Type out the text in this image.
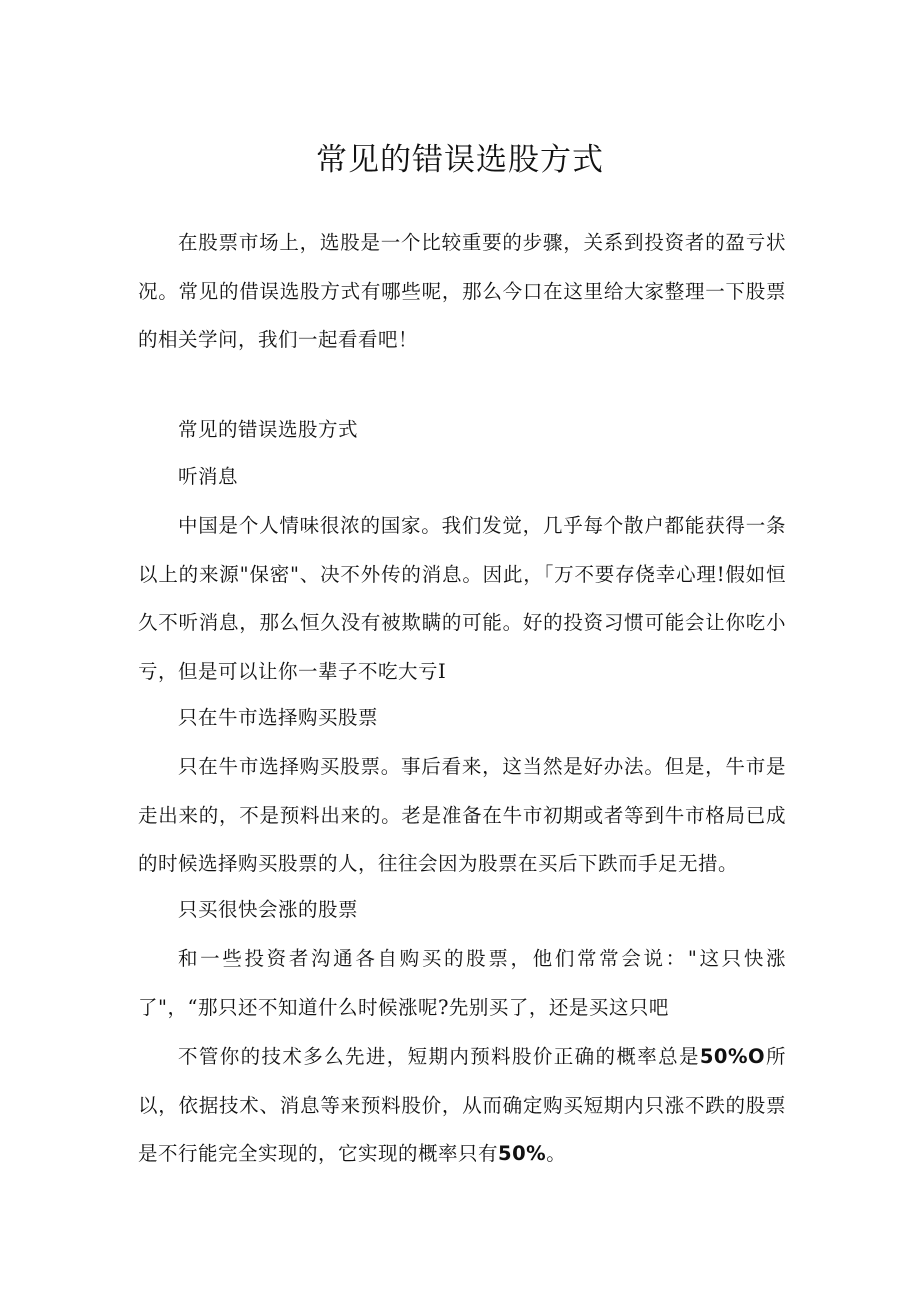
常见的错误选股方式

在股票市场上，选股是一个比较重要的步骤，关系到投资者的盈亏状况。常见的借误选股方式有哪些呢，那么今口在这里给大家整理一下股票的相关学问，我们一起看看吧！

常见的错误选股方式

听消息

中国是个人情味很浓的国家。我们发觉，几乎每个散户都能获得一条以上的来源"保密"、决不外传的消息。因此，「万不要存侥幸心理!假如恒久不听消息，那么恒久没有被欺瞒的可能。好的投资习惯可能会让你吃小亏，但是可以让你一辈子不吃大亏I

只在牛市选择购买股票

只在牛市选择购买股票。事后看来，这当然是好办法。但是，牛市是走出来的，不是预料出来的。老是准备在牛市初期或者等到牛市格局已成的时候选择购买股票的人，往往会因为股票在买后下跌而手足无措。

只买很快会涨的股票

和一些投资者沟通各自购买的股票，他们常常会说："这只快涨了"，“那只还不知道什么时候涨呢?先别买了，还是买这只吧

不管你的技术多么先进，短期内预料股价正确的概率总是50%O所以，依据技术、消息等来预料股价，从而确定购买短期内只涨不跌的股票是不行能完全实现的，它实现的概率只有50%。
